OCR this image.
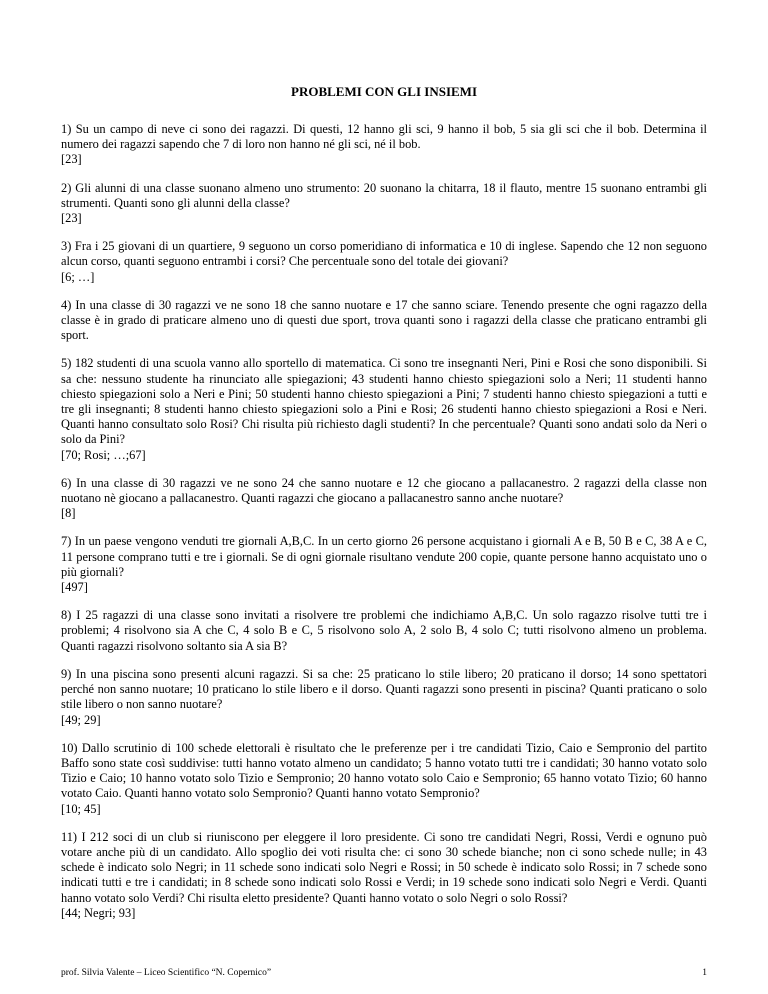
PROBLEMI CON GLI INSIEMI
1) Su un campo di neve ci sono dei ragazzi. Di questi, 12 hanno gli sci, 9 hanno il bob, 5 sia gli sci che il bob. Determina il numero dei ragazzi sapendo che 7 di loro non hanno né gli sci, né il bob.
[23]
2) Gli alunni di una classe suonano almeno uno strumento: 20 suonano la chitarra, 18 il flauto, mentre 15 suonano entrambi gli strumenti. Quanti sono gli alunni della classe?
[23]
3) Fra i 25 giovani di un quartiere, 9 seguono un corso pomeridiano di informatica e 10 di inglese. Sapendo che 12 non seguono alcun corso, quanti seguono entrambi i corsi? Che percentuale sono del totale dei giovani?
[6; …]
4) In una classe di 30 ragazzi ve ne sono 18 che sanno nuotare e 17 che sanno sciare. Tenendo presente che ogni ragazzo della classe è in grado di praticare almeno uno di questi due sport, trova quanti sono i ragazzi della classe che praticano entrambi gli sport.
5) 182 studenti di una scuola vanno allo sportello di matematica. Ci sono tre insegnanti Neri, Pini e Rosi che sono disponibili. Si sa che: nessuno studente ha rinunciato alle spiegazioni; 43 studenti hanno chiesto spiegazioni solo a Neri; 11 studenti hanno chiesto spiegazioni solo a Neri e Pini; 50 studenti hanno chiesto spiegazioni a Pini; 7 studenti hanno chiesto spiegazioni a tutti e tre gli insegnanti; 8 studenti hanno chiesto spiegazioni solo a Pini e Rosi; 26 studenti hanno chiesto spiegazioni a Rosi e Neri. Quanti hanno consultato solo Rosi? Chi risulta più richiesto dagli studenti? In che percentuale? Quanti sono andati solo da Neri o solo da Pini?
[70; Rosi; …;67]
6) In una classe di 30 ragazzi ve ne sono 24 che sanno nuotare e 12 che giocano a pallacanestro. 2 ragazzi della classe non nuotano nè giocano a pallacanestro. Quanti ragazzi che giocano a pallacanestro sanno anche nuotare?
[8]
7) In un paese vengono venduti tre giornali A,B,C. In un certo giorno 26 persone acquistano i giornali A e B, 50 B e C, 38 A e C, 11 persone comprano tutti e tre i giornali. Se di ogni giornale risultano vendute 200 copie, quante persone hanno acquistato uno o più giornali?
[497]
8) I 25 ragazzi di una classe sono invitati a risolvere tre problemi che indichiamo A,B,C. Un solo ragazzo risolve tutti tre i problemi; 4 risolvono sia A che C, 4 solo B e C, 5 risolvono solo A, 2 solo B, 4 solo C; tutti risolvono almeno un problema. Quanti ragazzi risolvono soltanto sia A sia B?
9) In una piscina sono presenti alcuni ragazzi. Si sa che: 25 praticano lo stile libero; 20 praticano il dorso; 14 sono spettatori perché non sanno nuotare; 10 praticano lo stile libero e il dorso. Quanti ragazzi sono presenti in piscina? Quanti praticano o solo stile libero o non sanno nuotare?
[49; 29]
10) Dallo scrutinio di 100 schede elettorali è risultato che le preferenze per i tre candidati Tizio, Caio e Sempronio del partito Baffo sono state così suddivise: tutti hanno votato almeno un candidato; 5 hanno votato tutti tre i candidati; 30 hanno votato solo Tizio e Caio; 10 hanno votato solo Tizio e Sempronio; 20 hanno votato solo Caio e Sempronio; 65 hanno votato Tizio; 60 hanno votato Caio. Quanti hanno votato solo Sempronio? Quanti hanno votato Sempronio?
[10; 45]
11) I 212 soci di un club si riuniscono per eleggere il loro presidente. Ci sono tre candidati Negri, Rossi, Verdi e ognuno può votare anche più di un candidato. Allo spoglio dei voti risulta che: ci sono 30 schede bianche; non ci sono schede nulle; in 43 schede è indicato solo Negri; in 11 schede sono indicati solo Negri e Rossi; in 50 schede è indicato solo Rossi; in 7 schede sono indicati tutti e tre i candidati; in 8 schede sono indicati solo Rossi e Verdi; in 19 schede sono indicati solo Negri e Verdi. Quanti hanno votato solo Verdi? Chi risulta eletto presidente? Quanti hanno votato o solo Negri o solo Rossi?
[44; Negri; 93]
prof. Silvia Valente – Liceo Scientifico “N. Copernico”	1
